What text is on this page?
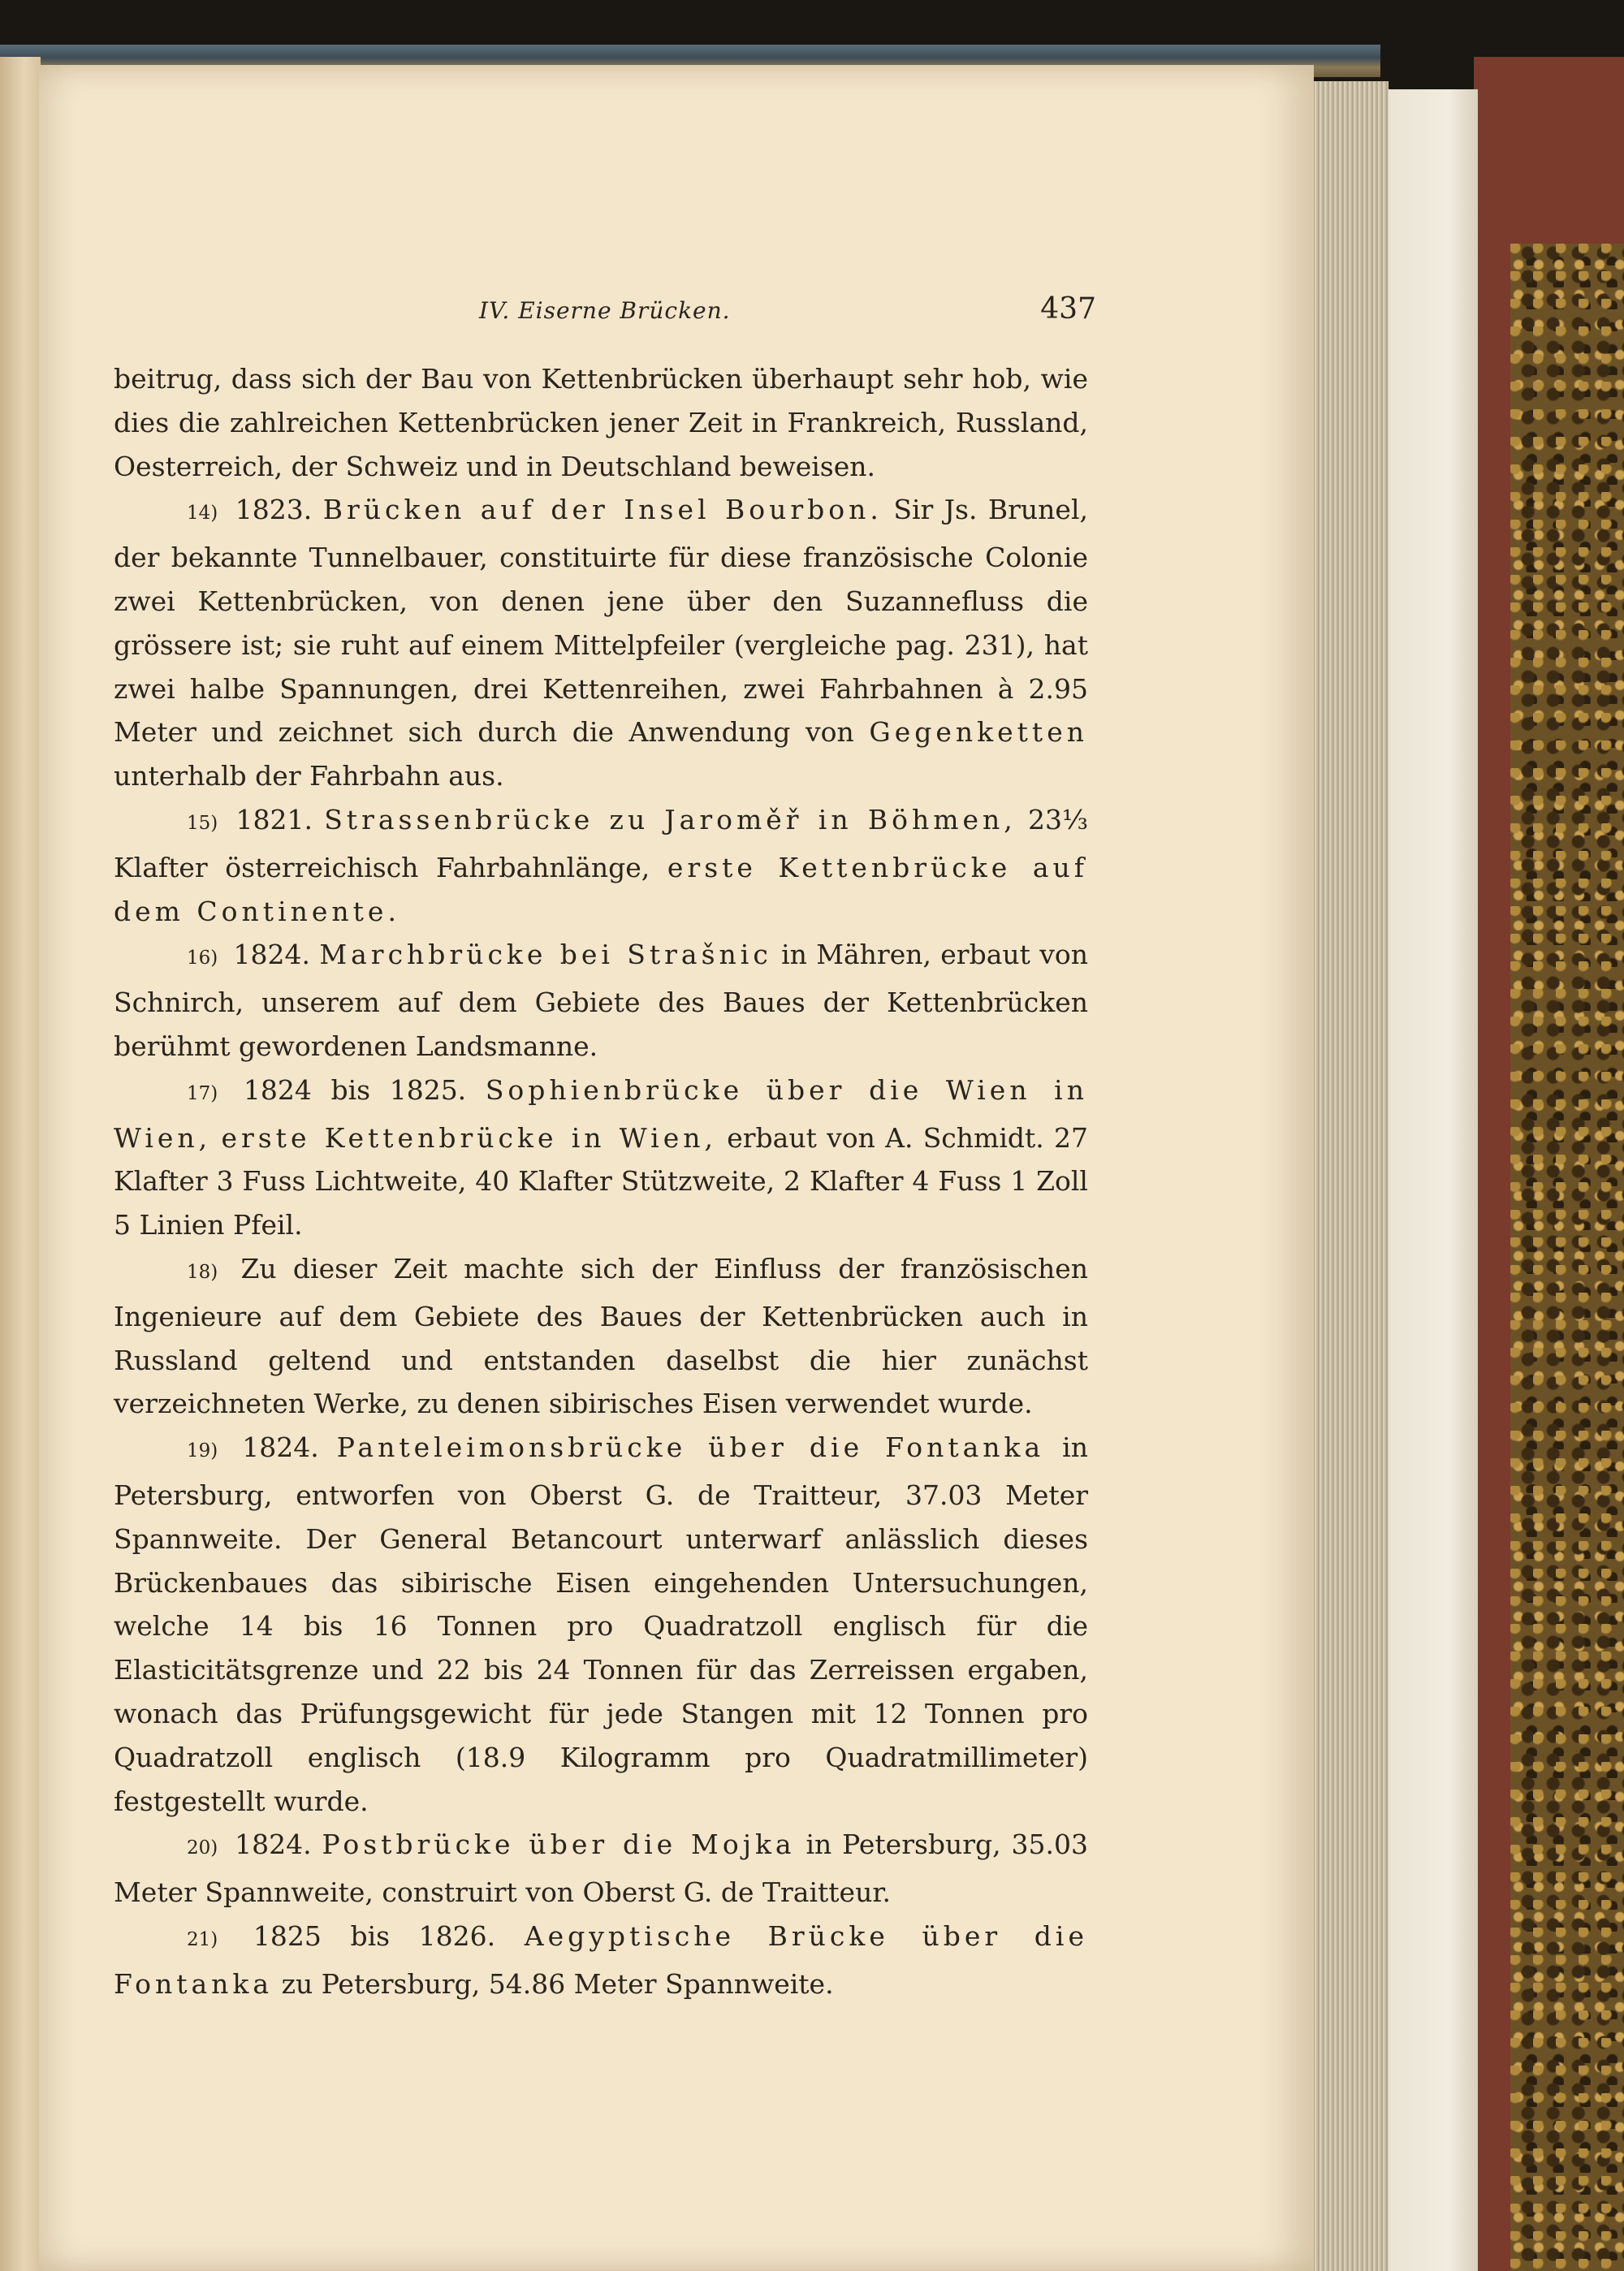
IV. Eiserne Brücken.	437

beitrug, dass sich der Bau von Kettenbrücken überhaupt sehr hob, wie dies die zahlreichen Kettenbrücken jener Zeit in Frankreich, Russland, Oesterreich, der Schweiz und in Deutschland beweisen.

14) 1823. Brücken auf der Insel Bourbon. Sir Js. Brunel, der bekannte Tunnelbauer, constituirte für diese französische Colonie zwei Kettenbrücken, von denen jene über den Suzannefluss die grössere ist; sie ruht auf einem Mittelpfeiler (vergleiche pag. 231), hat zwei halbe Spannungen, drei Kettenreihen, zwei Fahrbahnen à 2.95 Meter und zeichnet sich durch die Anwendung von Gegenketten unterhalb der Fahrbahn aus.

15) 1821. Strassenbrücke zu Jaroměř in Böhmen, 23⅓ Klafter österreichisch Fahrbahnlänge, erste Kettenbrücke auf dem Continente.

16) 1824. Marchbrücke bei Strašnic in Mähren, erbaut von Schnirch, unserem auf dem Gebiete des Baues der Kettenbrücken berühmt gewordenen Landsmanne.

17) 1824 bis 1825. Sophienbrücke über die Wien in Wien, erste Kettenbrücke in Wien, erbaut von A. Schmidt. 27 Klafter 3 Fuss Lichtweite, 40 Klafter Stützweite, 2 Klafter 4 Fuss 1 Zoll 5 Linien Pfeil.

18) Zu dieser Zeit machte sich der Einfluss der französischen Ingenieure auf dem Gebiete des Baues der Kettenbrücken auch in Russland geltend und entstanden daselbst die hier zunächst verzeichneten Werke, zu denen sibirisches Eisen verwendet wurde.

19) 1824. Panteleimonsbrücke über die Fontanka in Petersburg, entworfen von Oberst G. de Traitteur, 37.03 Meter Spannweite. Der General Betancourt unterwarf anlässlich dieses Brückenbaues das sibirische Eisen eingehenden Untersuchungen, welche 14 bis 16 Tonnen pro Quadratzoll englisch für die Elasticitätsgrenze und 22 bis 24 Tonnen für das Zerreissen ergaben, wonach das Prüfungsgewicht für jede Stangen mit 12 Tonnen pro Quadratzoll englisch (18.9 Kilogramm pro Quadratmillimeter) festgestellt wurde.

20) 1824. Postbrücke über die Mojka in Petersburg, 35.03 Meter Spannweite, construirt von Oberst G. de Traitteur.

21) 1825 bis 1826. Aegyptische Brücke über die Fontanka zu Petersburg, 54.86 Meter Spannweite.
